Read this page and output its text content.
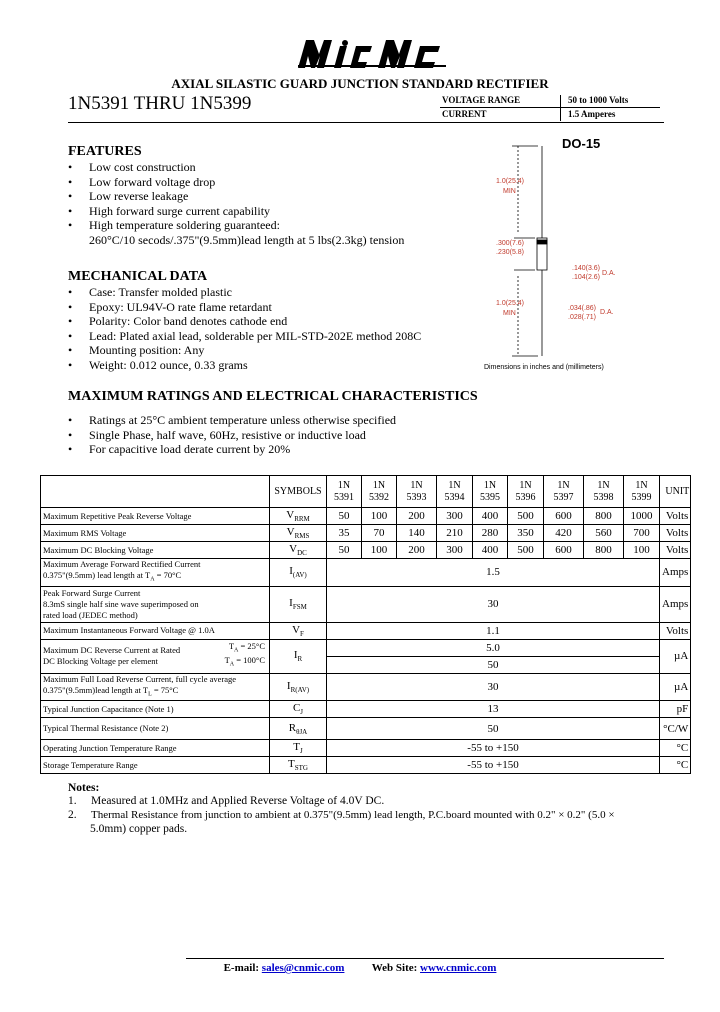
AXIAL SILASTIC GUARD JUNCTION STANDARD RECTIFIER
1N5391 THRU 1N5399	VOLTAGE RANGE	50 to 1000 Volts
CURRENT	1.5 Amperes
FEATURES
• Low cost construction
• Low forward voltage drop
• Low reverse leakage
• High forward surge current capability
• High temperature soldering guaranteed:
260°C/10 secods/.375"(9.5mm)lead length at 5 lbs(2.3kg) tension
MECHANICAL DATA
• Case: Transfer molded plastic
• Epoxy: UL94V-O rate flame retardant
• Polarity: Color band denotes cathode end
• Lead: Plated axial lead, solderable per MIL-STD-202E method 208C
• Mounting position: Any
• Weight: 0.012 ounce, 0.33 grams
DO-15
1.0(25.4)
MIN
.300(7.6)
.230(5.8)
.140(3.6)
.104(2.6)
D.A.
1.0(25.4)
MIN
.034(.86)
.028(.71)
D.A.
Dimensions in inches and (millimeters)
MAXIMUM RATINGS AND ELECTRICAL CHARACTERISTICS
• Ratings at 25°C ambient temperature unless otherwise specified
• Single Phase, half wave, 60Hz, resistive or inductive load
• For capacitive load derate current by 20%
	SYMBOLS	1N
5391	1N
5392	1N
5393	1N
5394	1N
5395	1N
5396	1N
5397	1N
5398	1N
5399	UNIT
Maximum Repetitive Peak Reverse Voltage	$V_{RRM}$	50	100	200	300	400	500	600	800	1000	Volts
Maximum RMS Voltage	$V_{RMS}$	35	70	140	210	280	350	420	560	700	Volts
Maximum DC Blocking Voltage	$V_{DC}$	50	100	200	300	400	500	600	800	100	Volts
Maximum Average Forward Rectified Current
0.375"(9.5mm) lead length at $T_A = 70^\circ C$	$I_{(AV)}$	1.5									Amps
Peak Forward Surge Current
8.3mS single half sine wave superimposed on
rated load (JEDEC method)	$I_{FSM}$	30									Amps
Maximum Instantaneous Forward Voltage @ 1.0A	$V_F$	1.1									Volts
Maximum DC Reverse Current at Rated
DC Blocking Voltage per element
$T_A = 25^\circ C$
$T_A = 100^\circ C$	$I_R$	5.0									µA
		50									
Maximum Full Load Reverse Current, full cycle average
0.375"(9.5mm)lead length at $T_L = 75^\circ C$	$I_{R(AV)}$	30									µA
Typical Junction Capacitance (Note 1)	$C_J$	13									pF
Typical Thermal Resistance (Note 2)	$R_{\theta JA}$	50									°C/W
Operating Junction Temperature Range	$T_J$	-55 to +150									°C
Storage Temperature Range	$T_{STG}$	-55 to +150									°C
Notes:
1. Measured at 1.0MHz and Applied Reverse Voltage of 4.0V DC.
2. Thermal Resistance from junction to ambient at 0.375"(9.5mm) lead length, P.C.board mounted with 0.2" × 0.2" (5.0 ×
5.0mm) copper pads.
E-mail: sales@cnmic.com Web Site: www.cnmic.com
